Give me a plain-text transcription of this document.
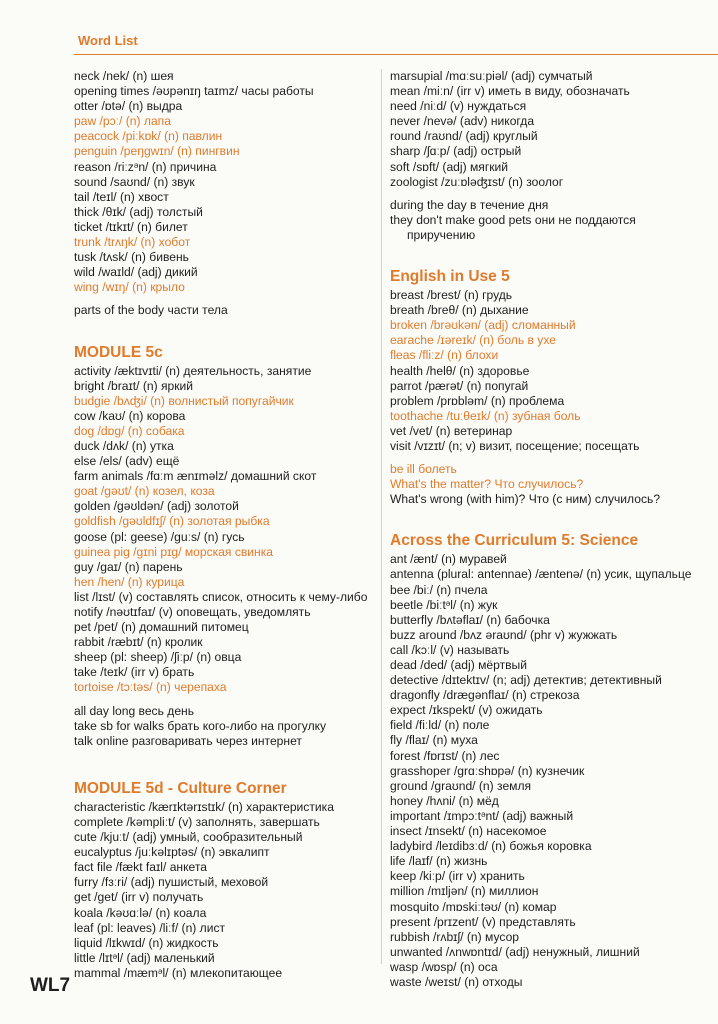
Word List
neck /nek/ (n) шея
opening times /əʊpənɪŋ taɪmz/ часы работы
otter /ɒtə/ (n) выдра
paw /pɔː/ (n) лапа
peacock /piːkɒk/ (n) павлин
penguin /peŋgwɪn/ (n) пингвин
reason /riːzᵊn/ (n) причина
sound /saʊnd/ (n) звук
tail /teɪl/ (n) хвост
thick /θɪk/ (adj) толстый
ticket /tɪkɪt/ (n) билет
trunk /trʌŋk/ (n) хобот
tusk /tʌsk/ (n) бивень
wild /waɪld/ (adj) дикий
wing /wɪŋ/ (n) крыло
parts of the body части тела
MODULE 5c
activity /æktɪvɪti/ (n) деятельность, занятие
bright /braɪt/ (n) яркий
budgie /bʌʤi/ (n) волнистый попугайчик
cow /kaʊ/ (n) корова
dog /dɒg/ (n) собака
duck /dʌk/ (n) утка
else /els/ (adv) ещё
farm animals /fɑːm ænɪməlz/ домашний скот
goat /gəʊt/ (n) козел, коза
golden /gəʊldən/ (adj) золотой
goldfish /gəʊldfɪʃ/ (n) золотая рыбка
goose (pl: geese) /guːs/ (n) гусь
guinea pig /gɪni pɪg/ морская свинка
guy /gaɪ/ (n) парень
hen /hen/ (n) курица
list /lɪst/ (v) составлять список, относить к чему-либо
notify /nəʊtɪfaɪ/ (v) оповещать, уведомлять
pet /pet/ (n) домашний питомец
rabbit /ræbɪt/ (n) кролик
sheep (pl: sheep) /ʃiːp/ (n) овца
take /teɪk/ (irr v) брать
tortoise /tɔːtəs/ (n) черепаха
all day long весь день
take sb for walks брать кого-либо на прогулку
talk online разговаривать через интернет
MODULE 5d - Culture Corner
characteristic /kærɪktərɪstɪk/ (n) характеристика
complete /kəmpliːt/ (v) заполнять, завершать
cute /kjuːt/ (adj) умный, сообразительный
eucalyptus /juːkəlɪptəs/ (n) эвкалипт
fact file /fækt faɪl/ анкета
furry /fɜːri/ (adj) пушистый, меховой
get /get/ (irr v) получать
koala /kəʊɑːlə/ (n) коала
leaf (pl: leaves) /liːf/ (n) лист
liquid /lɪkwɪd/ (n) жидкость
little /lɪtᵊl/ (adj) маленький
mammal /mæmᵊl/ (n) млекопитающее
marsupial /mɑːsuːpiəl/ (adj) сумчатый
mean /miːn/ (irr v) иметь в виду, обозначать
need /niːd/ (v) нуждаться
never /nevə/ (adv) никогда
round /raʊnd/ (adj) круглый
sharp /ʃɑːp/ (adj) острый
soft /sɒft/ (adj) мягкий
zoologist /zuːɒləʤɪst/ (n) зоолог
during the day в течение дня
they don't make good pets они не поддаются
приручению
English in Use 5
breast /brest/ (n) грудь
breath /breθ/ (n) дыхание
broken /brəʊkən/ (adj) сломанный
earache /ɪəreɪk/ (n) боль в ухе
fleas /fliːz/ (n) блохи
health /helθ/ (n) здоровье
parrot /pærət/ (n) попугай
problem /prɒbləm/ (n) проблема
toothache /tuːθeɪk/ (n) зубная боль
vet /vet/ (n) ветеринар
visit /vɪzɪt/ (n; v) визит, посещение; посещать
be ill болеть
What's the matter? Что случилось?
What's wrong (with him)? Что (с ним) случилось?
Across the Curriculum 5: Science
ant /ænt/ (n) муравей
antenna (plural: antennae) /æntenə/ (n) усик, щупальце
bee /biː/ (n) пчела
beetle /biːtᵊl/ (n) жук
butterfly /bʌtəflaɪ/ (n) бабочка
buzz around /bʌz əraʊnd/ (phr v) жужжать
call /kɔːl/ (v) называть
dead /ded/ (adj) мёртвый
detective /dɪtektɪv/ (n; adj) детектив; детективный
dragonfly /drægənflaɪ/ (n) стрекоза
expect /ɪkspekt/ (v) ожидать
field /fiːld/ (n) поле
fly /flaɪ/ (n) муха
forest /fɒrɪst/ (n) лес
grasshoper /grɑːshɒpə/ (n) кузнечик
ground /graʊnd/ (n) земля
honey /hʌni/ (n) мёд
important /ɪmpɔːtᵊnt/ (adj) важный
insect /ɪnsekt/ (n) насекомое
ladybird /leɪdibɜːd/ (n) божья коровка
life /laɪf/ (n) жизнь
keep /kiːp/ (irr v) хранить
million /mɪljən/ (n) миллион
mosquito /mɒskiːtəʊ/ (n) комар
present /prɪzent/ (v) представлять
rubbish /rʌbɪʃ/ (n) мусор
unwanted /ʌnwɒntɪd/ (adj) ненужный, лишний
wasp /wɒsp/ (n) оса
waste /weɪst/ (n) отходы
WL7
